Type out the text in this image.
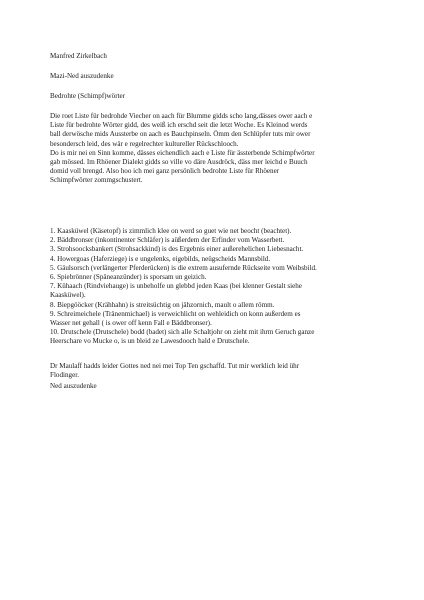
Manfred Zirkelbach

Mazi-Ned auszudenke

Bedrohte (Schimpf)wörter

Die roet Liste für bedrohde Viecher on aach für Blumme gidds scho lang,dässes ower aach e
Liste für bedrohte Wörter gidd, des weiß ich erschd seit die letzt Woche. Es Kleinod werds
ball derwösche mids Aussterbe on aach es Bauchpinseln. Ömm den Schlüpfer tuts mir ower
besondersch leid, des wär e regelrechter kultureller Rückschlooch.
Do is mir nei en Sinn komme, dässes eichendlich aach e Liste für ässterbende Schimpfwörter
gab mössed. Im Rhöener Dialekt gidds so ville vo däre Ausdröck, däss mer leichd e Buuch
domid voll brengd. Also hoo ich mei ganz persönlich bedrohte Liste für Rhöener
Schimpfwörter zommgschustert.

1. Kaasküwel (Käsetopf) is zimmlich klee on werd so guet wie net beocht (beachtet).
2. Bäddbronser (inkontinenter Schläfer) is aüßerdem der Erfinder vom Wasserbett.
3. Strohsoocksbankert (Strohsackkind) is des Ergebnis einer außerehelichen Liebesnacht.
4. Howergoas (Haferziege) is e ungelenks, eigebilds, neügscheids Mannsbild.
5. Gäulsorsch (verlängerter Pferderücken) is die extrem ausufernde Rückseite vom Weibsbild.
6. Spiebrönner (Späneanzünder) is sporsam un geizich.
7. Kühaach (Rindviehauge) is unbeholfe un glebbd jeden Kaas (bei klenner Gestalt siehe
Kaasküwel).
8. Biepgööcker (Krähhahn) is streitsüchtig on jähzornich, mault o allem römm.
9. Schreimeichele (Tränenmichael) is verweichlicht on wehleidich on konn außerdem es
Wasser net gehall ( is ower off kenn Fall e Bäddbronser).
10. Drutschele (Drutschele) bodd (badet) sich alle Schaltjohr on zieht mit ihrm Geruch ganze
Heerschare vo Mucke o, is un bleid ze Lawesdooch hald e Drutschele.

Dr Maulaff hadds leider Gottes ned nei mei Top Ten gschaffd. Tut mir werklich leid ühr
Flodinger.

Ned auszudenke
